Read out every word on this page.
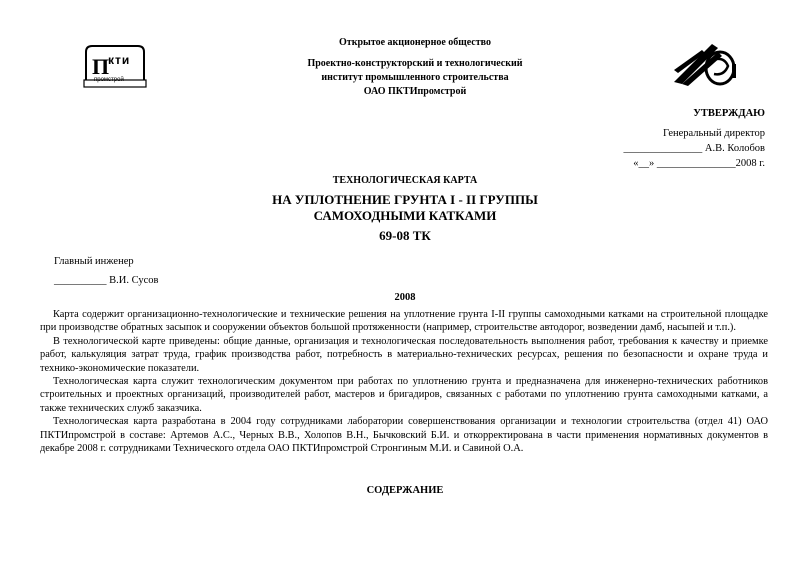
П
кти
промстрой
Открытое акционерное общество
Проектно-конструкторский и технологический
институт промышленного строительства
ОАО ПКТИпромстрой
УТВЕРЖДАЮ
Генеральный директор
_______________ А.В. Колобов
«__» _______________2008 г.
ТЕХНОЛОГИЧЕСКАЯ КАРТА
НА УПЛОТНЕНИЕ ГРУНТА I - II ГРУППЫ
САМОХОДНЫМИ КАТКАМИ
69-08 ТК
Главный инженер
__________ В.И. Сусов
2008

Карта содержит организационно-технологические и технические решения на уплотнение грунта I-II группы самоходными катками на строительной площадке при производстве обратных засыпок и сооружении объектов большой протяженности (например, строительстве автодорог, возведении дамб, насыпей и т.п.).

В технологической карте приведены: общие данные, организация и технологическая последовательность выполнения работ, требования к качеству и приемке работ, калькуляция затрат труда, график производства работ, потребность в материально-технических ресурсах, решения по безопасности и охране труда и технико-экономические показатели.

Технологическая карта служит технологическим документом при работах по уплотнению грунта и предназначена для инженерно-технических работников строительных и проектных организаций, производителей работ, мастеров и бригадиров, связанных с работами по уплотнению грунта самоходными катками, а также технических служб заказчика.

Технологическая карта разработана в 2004 году сотрудниками лаборатории совершенствования организации и технологии строительства (отдел 41) ОАО ПКТИпромстрой в составе: Артемов А.С., Черных В.В., Холопов В.Н., Бычковский Б.И. и откорректирована в части применения нормативных документов в декабре 2008 г. сотрудниками Технического отдела ОАО ПКТИпромстрой Стронгиным М.И. и Савиной О.А.

СОДЕРЖАНИЕ
